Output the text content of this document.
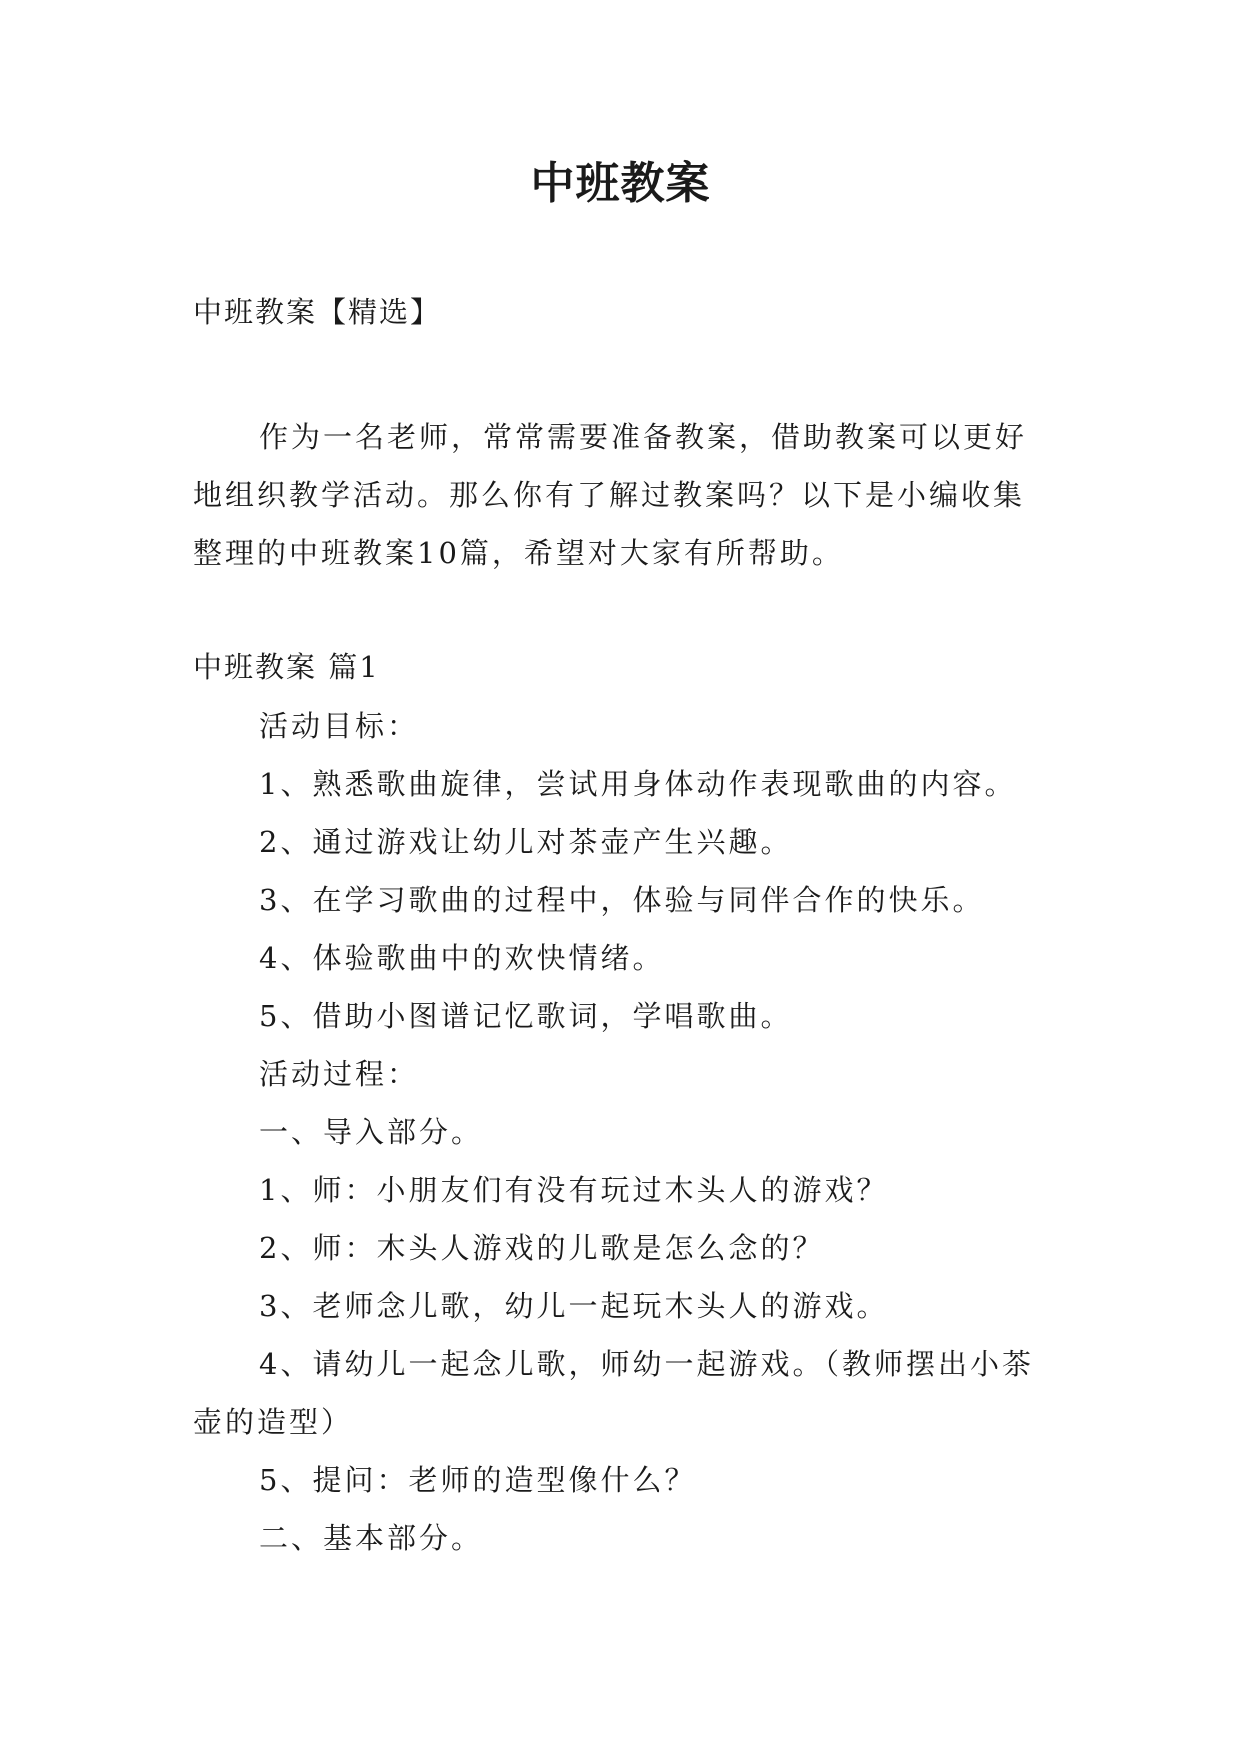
中班教案

中班教案【精选】

作为一名老师，常常需要准备教案，借助教案可以更好地组织教学活动。那么你有了解过教案吗？以下是小编收集整理的中班教案10篇，希望对大家有所帮助。

中班教案 篇1

活动目标：

1、熟悉歌曲旋律，尝试用身体动作表现歌曲的内容。

2、通过游戏让幼儿对茶壶产生兴趣。

3、在学习歌曲的过程中，体验与同伴合作的快乐。

4、体验歌曲中的欢快情绪。

5、借助小图谱记忆歌词，学唱歌曲。

活动过程：

一、导入部分。

1、师：小朋友们有没有玩过木头人的游戏？

2、师：木头人游戏的儿歌是怎么念的？

3、老师念儿歌，幼儿一起玩木头人的游戏。

4、请幼儿一起念儿歌，师幼一起游戏。（教师摆出小茶壶的造型）

5、提问：老师的造型像什么？

二、基本部分。
